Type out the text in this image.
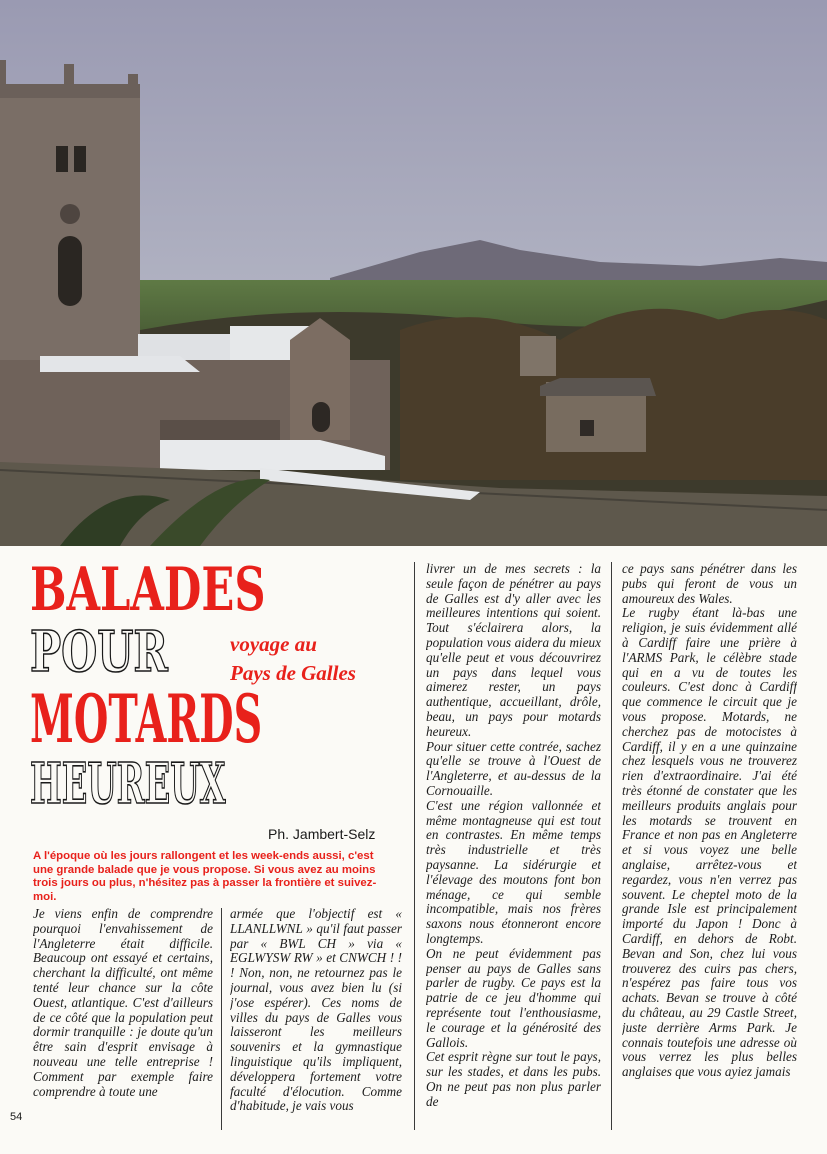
BALADES
POUR	voyage au
Pays de Galles
MOTARDS
HEUREUX
Ph. Jambert-Selz

A l'époque où les jours rallongent et les week-ends aussi, c'est une grande balade que je vous propose. Si vous avez au moins trois jours ou plus, n'hésitez pas à passer la frontière et suivez-moi.

Je viens enfin de comprendre pourquoi l'envahissement de l'Angleterre était difficile. Beaucoup ont essayé et certains, cherchant la difficulté, ont même tenté leur chance sur la côte Ouest, atlantique. C'est d'ailleurs de ce côté que la population peut dormir tranquille : je doute qu'un être sain d'esprit envisage à nouveau une telle entreprise ! Comment par exemple faire comprendre à toute une

armée que l'objectif est « LLANLLWNL » qu'il faut passer par « BWL CH » via « EGLWYSW RW » et CNWCH ! ! ! Non, non, ne retournez pas le journal, vous avez bien lu (si j'ose espérer). Ces noms de villes du pays de Galles vous laisseront les meilleurs souvenirs et la gymnastique linguistique qu'ils impliquent, développera fortement votre faculté d'élocution. Comme d'habitude, je vais vous

livrer un de mes secrets : la seule façon de pénétrer au pays de Galles est d'y aller avec les meilleures intentions qui soient. Tout s'éclairera alors, la population vous aidera du mieux qu'elle peut et vous découvrirez un pays dans lequel vous aimerez rester, un pays authentique, accueillant, drôle, beau, un pays pour motards heureux.

Pour situer cette contrée, sachez qu'elle se trouve à l'Ouest de l'Angleterre, et au-dessus de la Cornouaille.

C'est une région vallonnée et même montagneuse qui est tout en contrastes. En même temps très industrielle et très paysanne. La sidérurgie et l'élevage des moutons font bon ménage, ce qui semble incompatible, mais nos frères saxons nous étonneront encore longtemps.

On ne peut évidemment pas penser au pays de Galles sans parler de rugby. Ce pays est la patrie de ce jeu d'homme qui représente tout l'enthousiasme, le courage et la générosité des Gallois.

Cet esprit règne sur tout le pays, sur les stades, et dans les pubs. On ne peut pas non plus parler de

ce pays sans pénétrer dans les pubs qui feront de vous un amoureux des Wales.

Le rugby étant là-bas une religion, je suis évidemment allé à Cardiff faire une prière à l'ARMS Park, le célèbre stade qui en a vu de toutes les couleurs. C'est donc à Cardiff que commence le circuit que je vous propose. Motards, ne cherchez pas de motocistes à Cardiff, il y en a une quinzaine chez lesquels vous ne trouverez rien d'extraordinaire. J'ai été très étonné de constater que les meilleurs produits anglais pour les motards se trouvent en France et non pas en Angleterre et si vous voyez une belle anglaise, arrêtez-vous et regardez, vous n'en verrez pas souvent. Le cheptel moto de la grande Isle est principalement importé du Japon ! Donc à Cardiff, en dehors de Robt. Bevan and Son, chez lui vous trouverez des cuirs pas chers, n'espérez pas faire tous vos achats. Bevan se trouve à côté du château, au 29 Castle Street, juste derrière Arms Park. Je connais toutefois une adresse où vous verrez les plus belles anglaises que vous ayiez jamais

54
